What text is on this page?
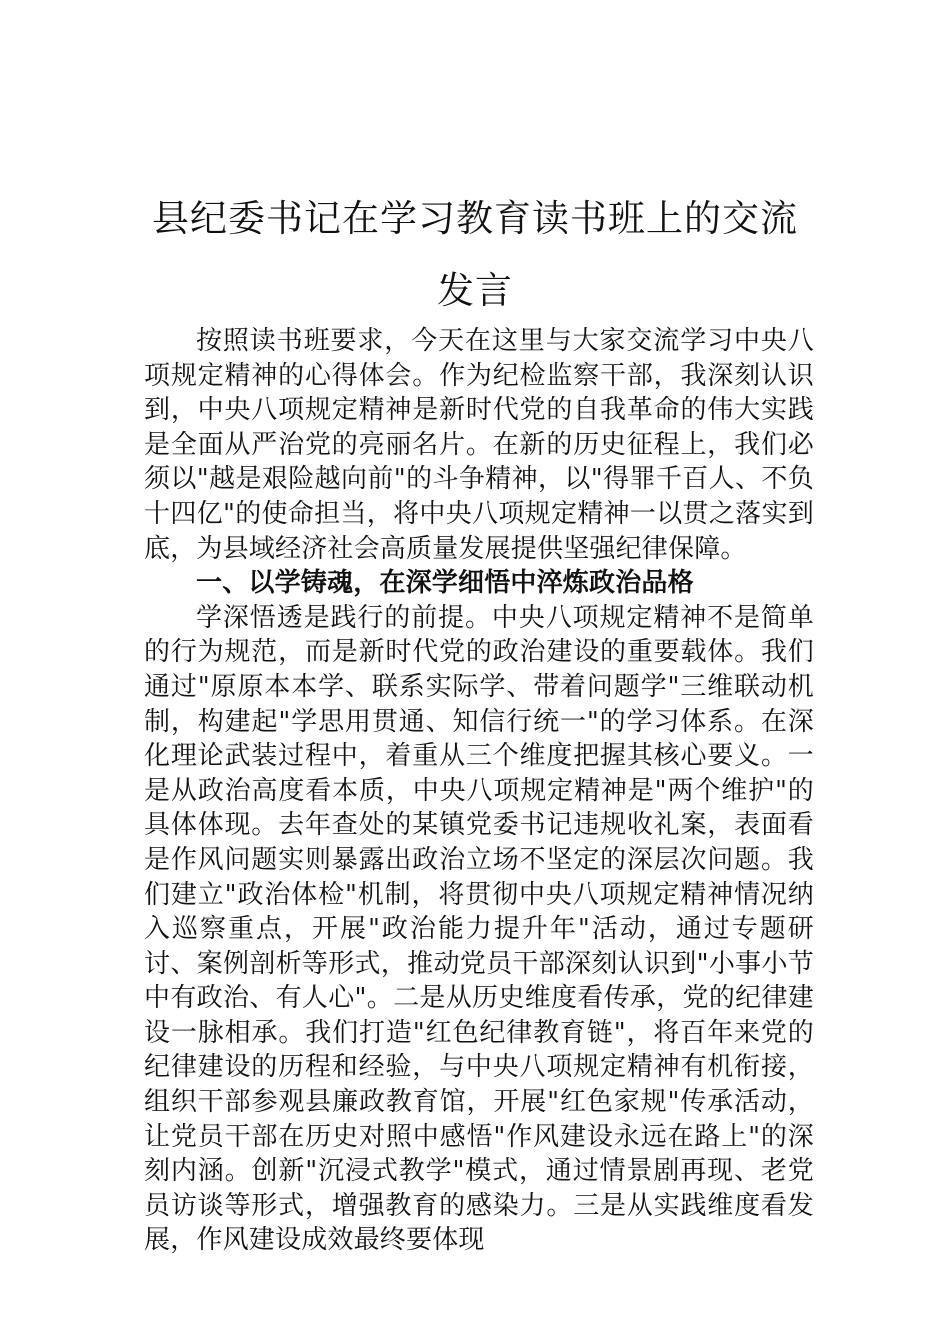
县纪委书记在学习教育读书班上的交流发言

按照读书班要求，今天在这里与大家交流学习中央八项规定精神的心得体会。作为纪检监察干部，我深刻认识到，中央八项规定精神是新时代党的自我革命的伟大实践是全面从严治党的亮丽名片。在新的历史征程上，我们必须以"越是艰险越向前"的斗争精神，以"得罪千百人、不负十四亿"的使命担当，将中央八项规定精神一以贯之落实到底，为县域经济社会高质量发展提供坚强纪律保障。

一、以学铸魂，在深学细悟中淬炼政治品格

学深悟透是践行的前提。中央八项规定精神不是简单的行为规范，而是新时代党的政治建设的重要载体。我们通过"原原本本学、联系实际学、带着问题学"三维联动机制，构建起"学思用贯通、知信行统一"的学习体系。在深化理论武装过程中，着重从三个维度把握其核心要义。一是从政治高度看本质，中央八项规定精神是"两个维护"的具体体现。去年查处的某镇党委书记违规收礼案，表面看是作风问题实则暴露出政治立场不坚定的深层次问题。我们建立"政治体检"机制，将贯彻中央八项规定精神情况纳入巡察重点，开展"政治能力提升年"活动，通过专题研讨、案例剖析等形式，推动党员干部深刻认识到"小事小节中有政治、有人心"。二是从历史维度看传承，党的纪律建设一脉相承。我们打造"红色纪律教育链"，将百年来党的纪律建设的历程和经验，与中央八项规定精神有机衔接，组织干部参观县廉政教育馆，开展"红色家规"传承活动，让党员干部在历史对照中感悟"作风建设永远在路上"的深刻内涵。创新"沉浸式教学"模式，通过情景剧再现、老党员访谈等形式，增强教育的感染力。三是从实践维度看发展，作风建设成效最终要体现
